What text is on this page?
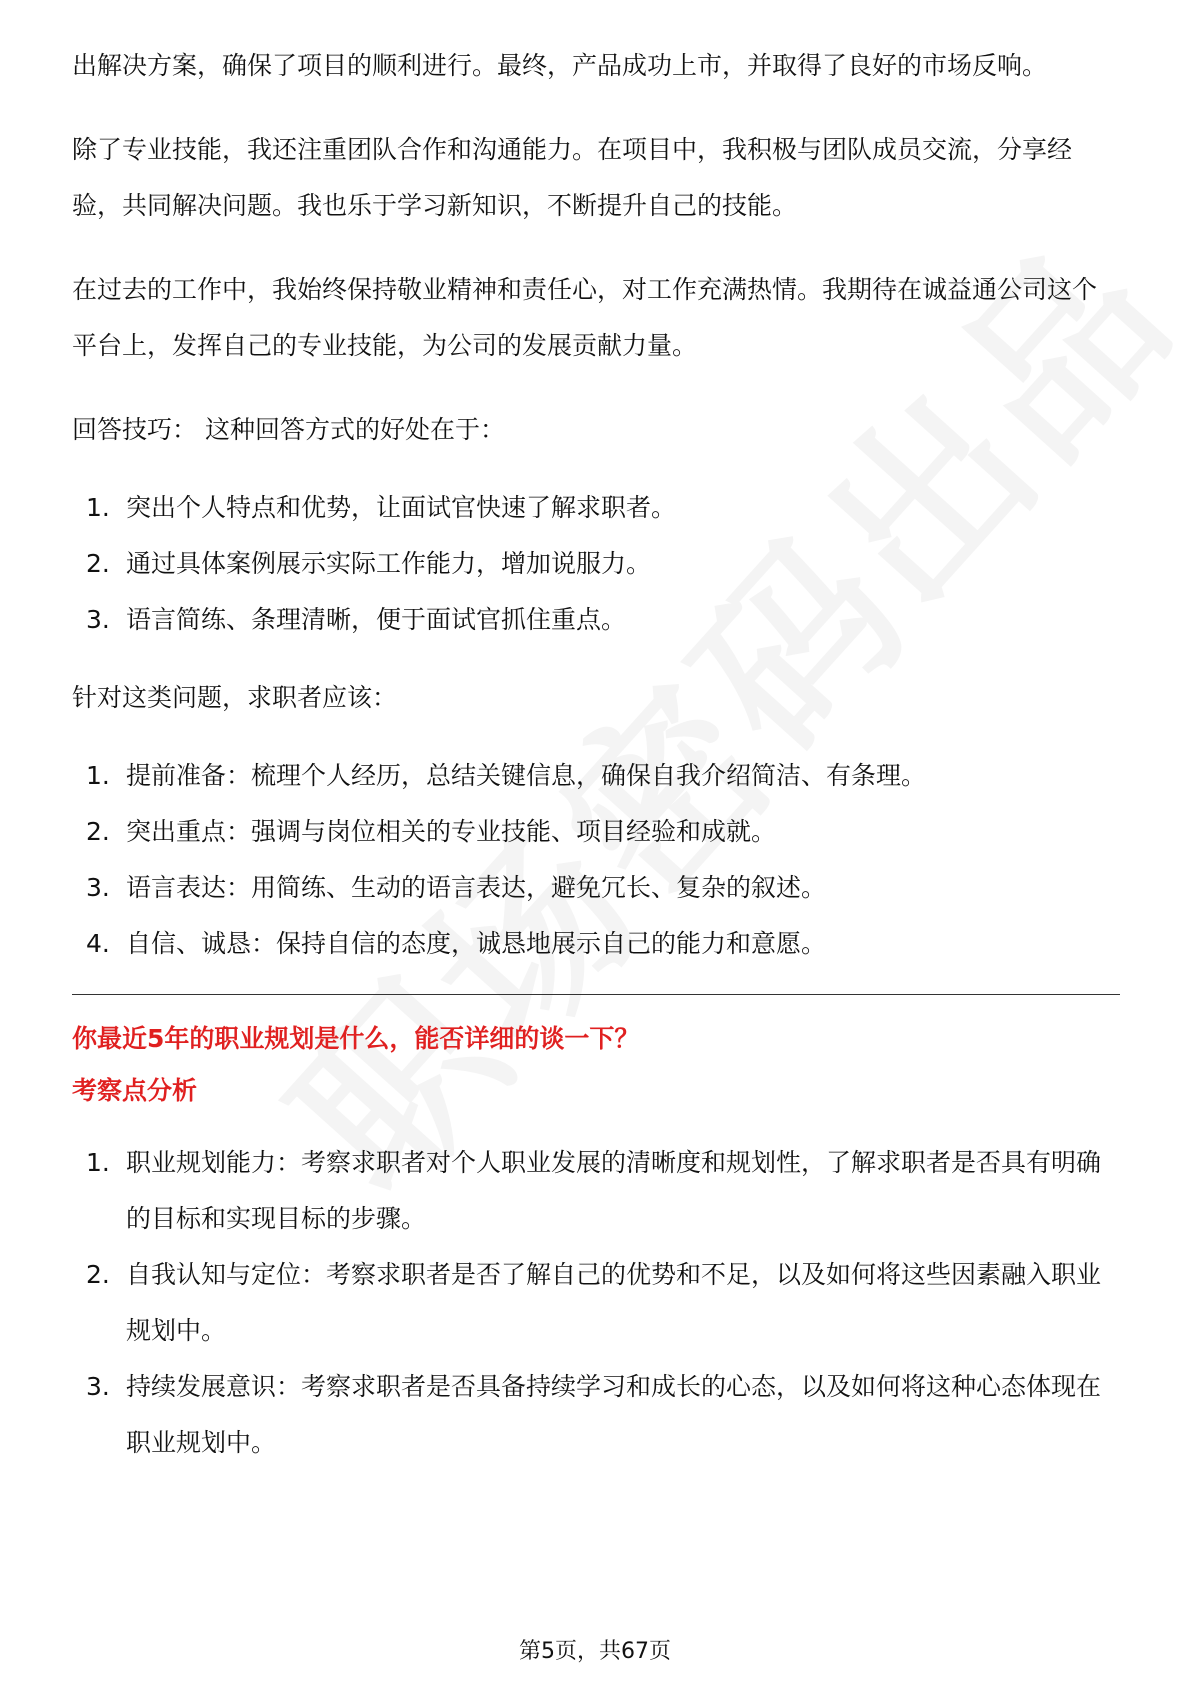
出解决方案，确保了项目的顺利进行。最终，产品成功上市，并取得了良好的市场反响。

除了专业技能，我还注重团队合作和沟通能力。在项目中，我积极与团队成员交流，分享经验，共同解决问题。我也乐于学习新知识，不断提升自己的技能。

在过去的工作中，我始终保持敬业精神和责任心，对工作充满热情。我期待在诚益通公司这个平台上，发挥自己的专业技能，为公司的发展贡献力量。

回答技巧： 这种回答方式的好处在于：

1. 突出个人特点和优势，让面试官快速了解求职者。
2. 通过具体案例展示实际工作能力，增加说服力。
3. 语言简练、条理清晰，便于面试官抓住重点。

针对这类问题，求职者应该：

1. 提前准备：梳理个人经历，总结关键信息，确保自我介绍简洁、有条理。
2. 突出重点：强调与岗位相关的专业技能、项目经验和成就。
3. 语言表达：用简练、生动的语言表达，避免冗长、复杂的叙述。
4. 自信、诚恳：保持自信的态度，诚恳地展示自己的能力和意愿。

你最近5年的职业规划是什么，能否详细的谈一下？

考察点分析

1. 职业规划能力：考察求职者对个人职业发展的清晰度和规划性，了解求职者是否具有明确的目标和实现目标的步骤。
2. 自我认知与定位：考察求职者是否了解自己的优势和不足，以及如何将这些因素融入职业规划中。
3. 持续发展意识：考察求职者是否具备持续学习和成长的心态，以及如何将这种心态体现在职业规划中。
第5页，共67页
